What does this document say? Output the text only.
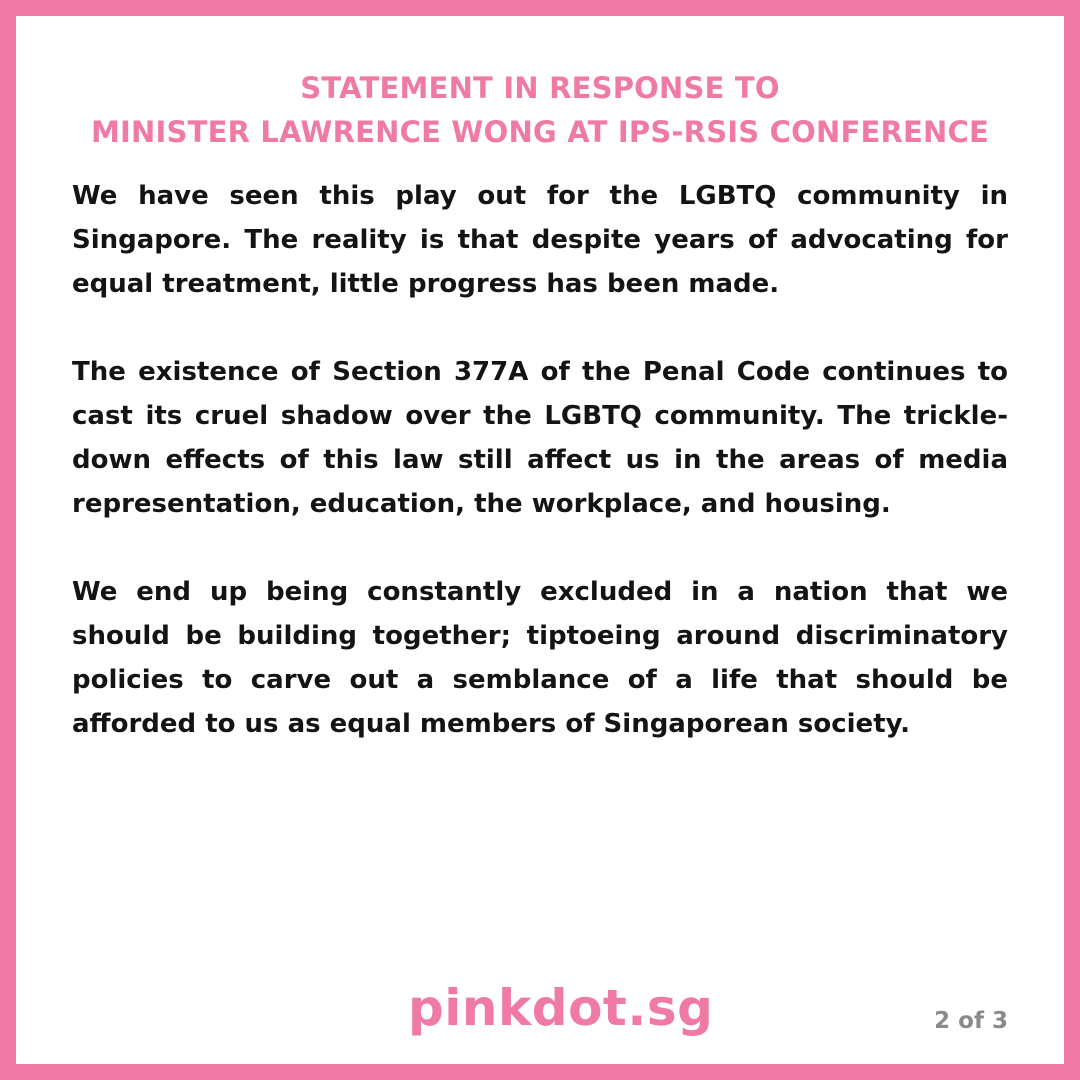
STATEMENT IN RESPONSE TO
MINISTER LAWRENCE WONG AT IPS-RSIS CONFERENCE

We have seen this play out for the LGBTQ community in Singapore. The reality is that despite years of advocating for equal treatment, little progress has been made.

The existence of Section 377A of the Penal Code continues to cast its cruel shadow over the LGBTQ community. The trickle-down effects of this law still affect us in the areas of media representation, education, the workplace, and housing.

We end up being constantly excluded in a nation that we should be building together; tiptoeing around discriminatory policies to carve out a semblance of a life that should be afforded to us as equal members of Singaporean society.

pinkdot.sg	2 of 3
